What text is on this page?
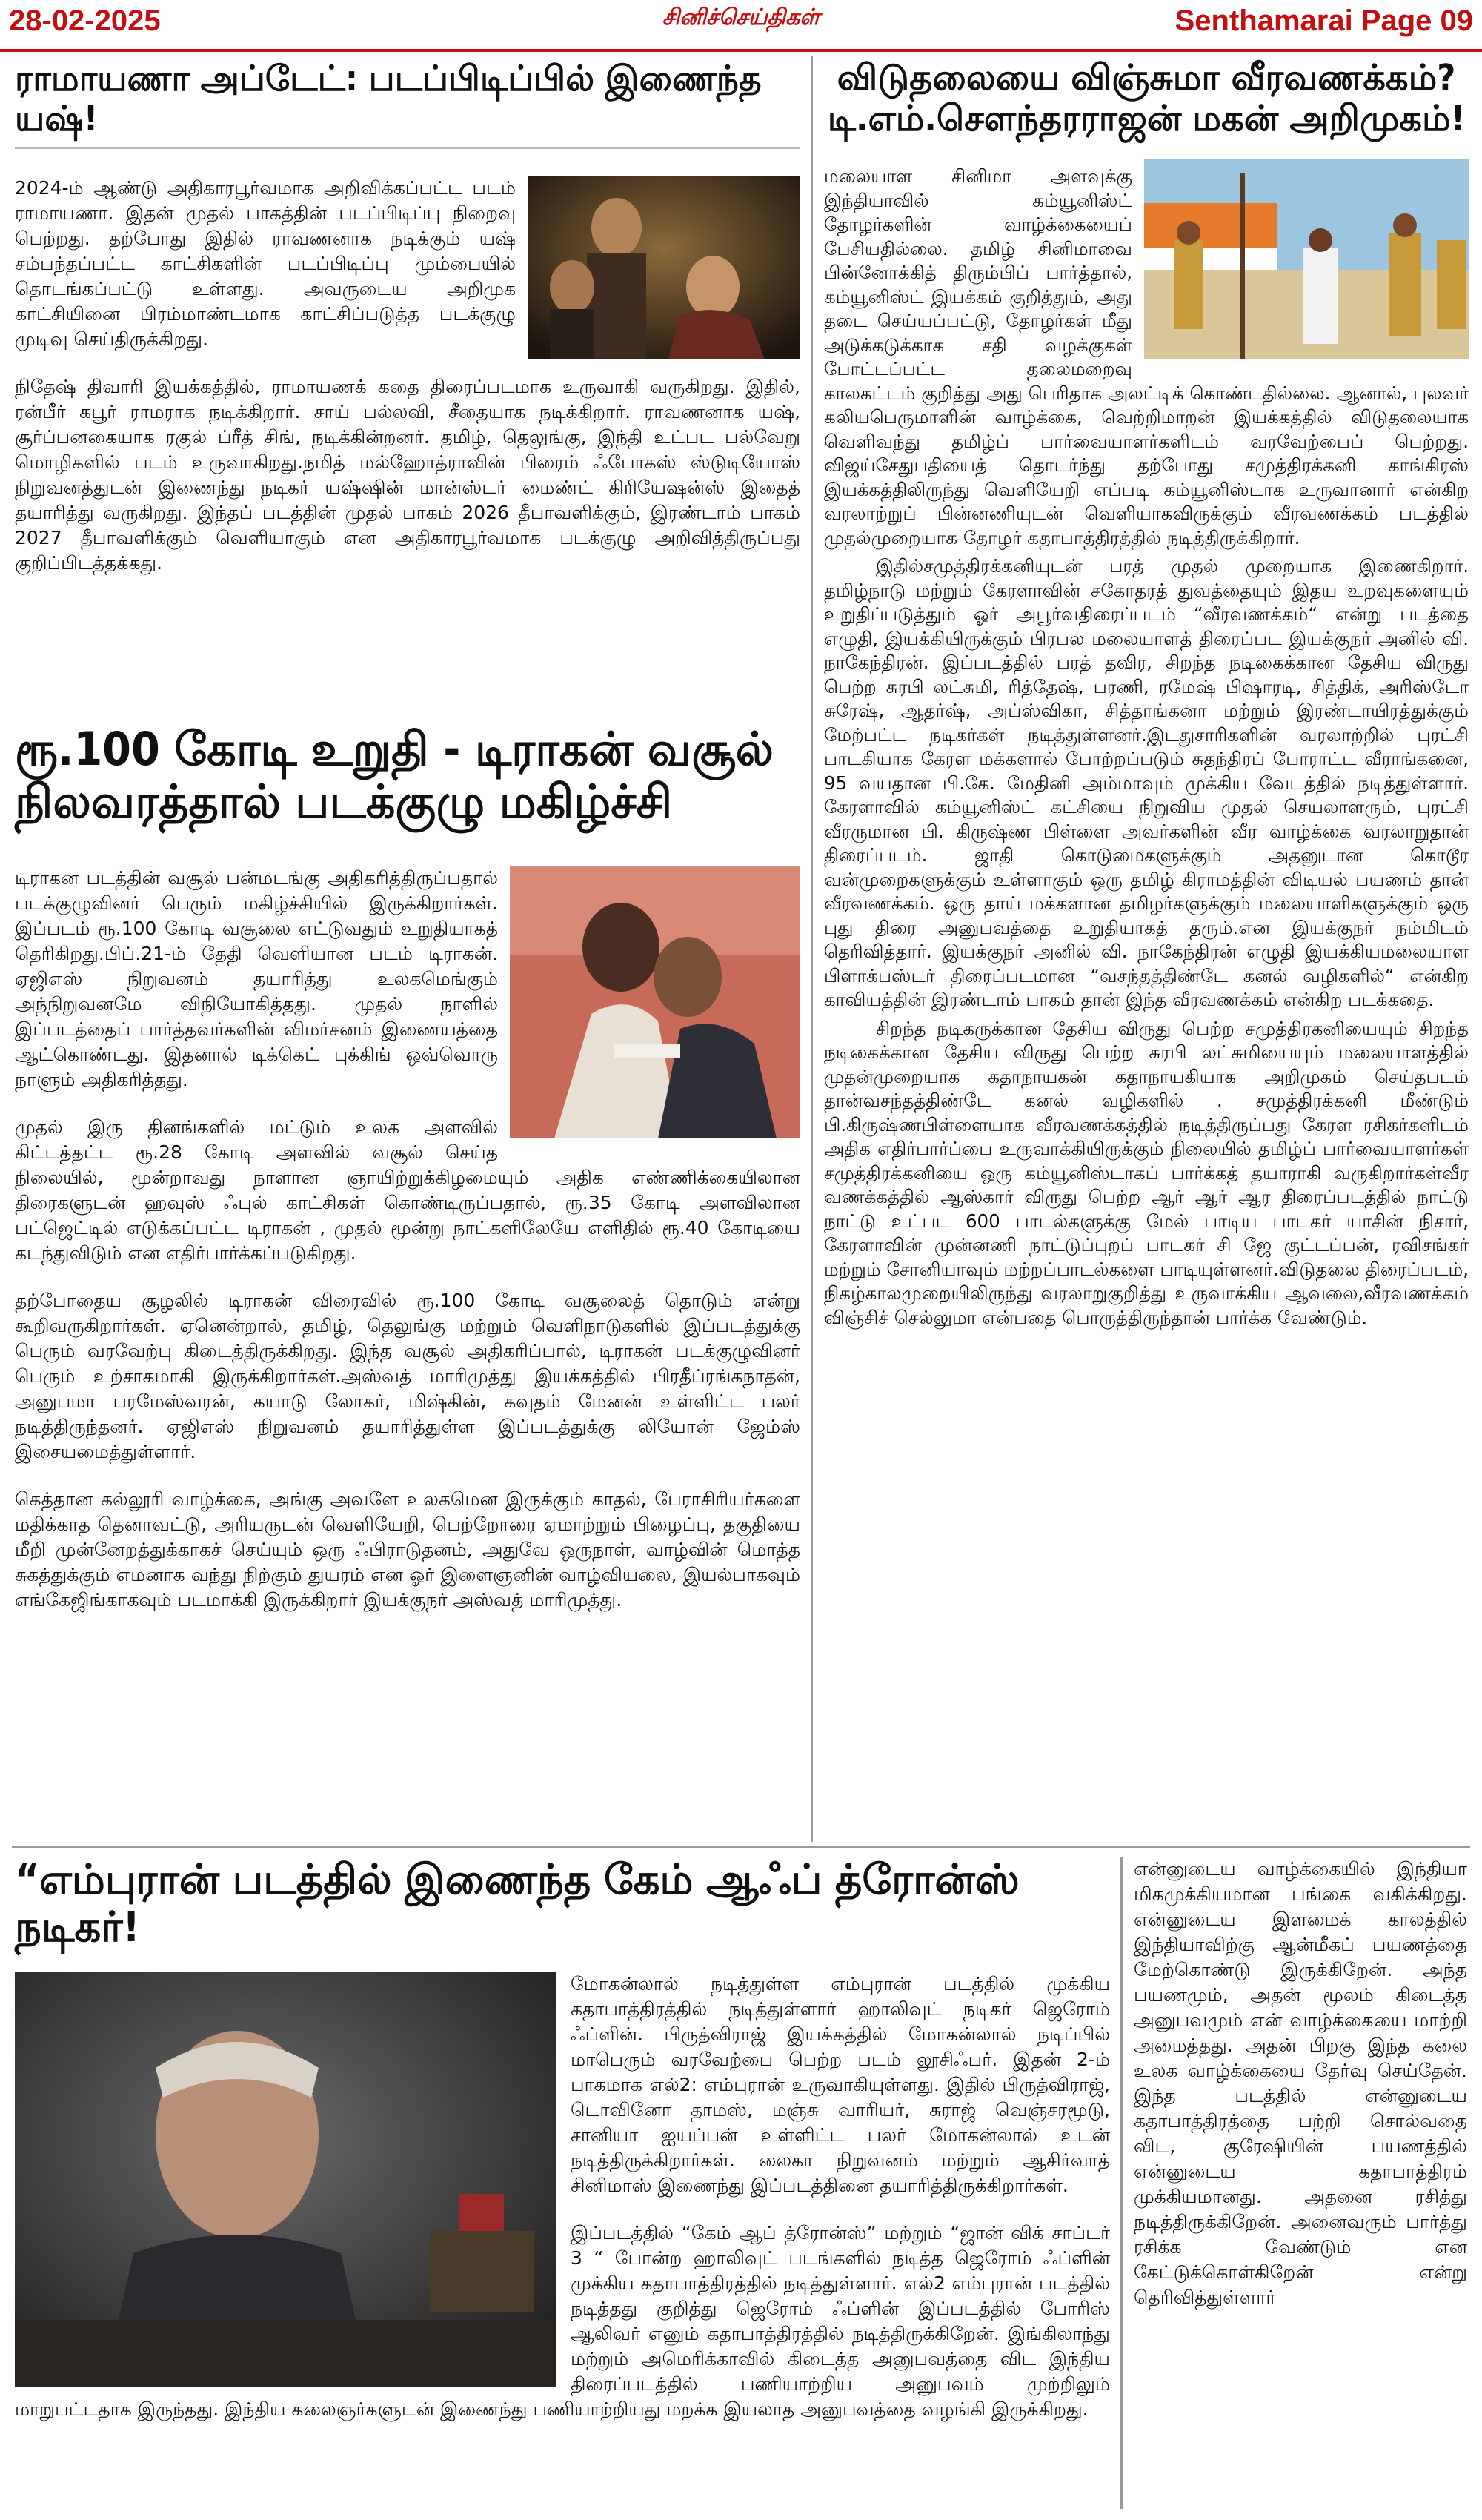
சினிச்செய்திகள்
28-02-2025	Senthamarai Page 09
ராமாயணா அப்டேட்: படப்பிடிப்பில் இணைந்த யஷ்!

2024-ம் ஆண்டு அதிகாரபூர்வமாக அறிவிக்கப்பட்ட படம் ராமாயணா. இதன் முதல் பாகத்தின் படப்பிடிப்பு நிறைவு பெற்றது. தற்போது இதில் ராவணனாக நடிக்கும் யஷ் சம்பந்தப்பட்ட காட்சிகளின் படப்பிடிப்பு மும்பையில் தொடங்கப்பட்டு உள்ளது. அவருடைய அறிமுக காட்சியினை பிரம்மாண்டமாக காட்சிப்படுத்த படக்குழு முடிவு செய்திருக்கிறது.

நிதேஷ் திவாரி இயக்கத்தில், ராமாயணக் கதை திரைப்படமாக உருவாகி வருகிறது. இதில், ரன்பீர் கபூர் ராமராக நடிக்கிறார். சாய் பல்லவி, சீதையாக நடிக்கிறார். ராவணனாக யஷ், சூர்ப்பனகையாக ரகுல் ப்ரீத் சிங், நடிக்கின்றனர். தமிழ், தெலுங்கு, இந்தி உட்பட பல்வேறு மொழிகளில் படம் உருவாகிறது.நமித் மல்ஹோத்ராவின் பிரைம் ஃபோகஸ் ஸ்டுடியோஸ் நிறுவனத்துடன் இணைந்து நடிகர் யஷ்ஷின் மான்ஸ்டர் மைண்ட் கிரியேஷன்ஸ் இதைத் தயாரித்து வருகிறது. இந்தப் படத்தின் முதல் பாகம் 2026 தீபாவளிக்கும், இரண்டாம் பாகம் 2027 தீபாவளிக்கும் வெளியாகும் என அதிகாரபூர்வமாக படக்குழு அறிவித்திருப்பது குறிப்பிடத்தக்கது.

ரூ.100 கோடி உறுதி - டிராகன் வசூல்
நிலவரத்தால் படக்குழு மகிழ்ச்சி

டிராகன படத்தின் வசூல் பன்மடங்கு அதிகரித்திருப்பதால் படக்குழுவினர் பெரும் மகிழ்ச்சியில் இருக்கிறார்கள். இப்படம் ரூ.100 கோடி வசூலை எட்டுவதும் உறுதியாகத் தெரிகிறது.பிப்.21-ம் தேதி வெளியான படம் டிராகன். ஏஜிஎஸ் நிறுவனம் தயாரித்து உலகமெங்கும் அந்நிறுவனமே விநியோகித்தது. முதல் நாளில் இப்படத்தைப் பார்த்தவர்களின் விமர்சனம் இணையத்தை ஆட்கொண்டது. இதனால் டிக்கெட் புக்கிங் ஒவ்வொரு நாளும் அதிகரித்தது.

முதல் இரு தினங்களில் மட்டும் உலக அளவில் கிட்டத்தட்ட ரூ.28 கோடி அளவில் வசூல் செய்த நிலையில், மூன்றாவது நாளான ஞாயிற்றுக்கிழமையும் அதிக எண்ணிக்கையிலான திரைகளுடன் ஹவுஸ் ஃபுல் காட்சிகள் கொண்டிருப்பதால், ரூ.35 கோடி அளவிலான பட்ஜெட்டில் எடுக்கப்பட்ட டிராகன் , முதல் மூன்று நாட்களிலேயே எளிதில் ரூ.40 கோடியை கடந்துவிடும் என எதிர்பார்க்கப்படுகிறது.

தற்போதைய சூழலில் டிராகன் விரைவில் ரூ.100 கோடி வசூலைத் தொடும் என்று கூறிவருகிறார்கள். ஏனென்றால், தமிழ், தெலுங்கு மற்றும் வெளிநாடுகளில் இப்படத்துக்கு பெரும் வரவேற்பு கிடைத்திருக்கிறது. இந்த வசூல் அதிகரிப்பால், டிராகன் படக்குழுவினர் பெரும் உற்சாகமாகி இருக்கிறார்கள்.அஸ்வத் மாரிமுத்து இயக்கத்தில் பிரதீப்ரங்கநாதன், அனுபமா பரமேஸ்வரன், கயாடு லோகர், மிஷ்கின், கவுதம் மேனன் உள்ளிட்ட பலர் நடித்திருந்தனர். ஏஜிஎஸ் நிறுவனம் தயாரித்துள்ள இப்படத்துக்கு லியோன் ஜேம்ஸ் இசையமைத்துள்ளார்.

கெத்தான கல்லூரி வாழ்க்கை, அங்கு அவளே உலகமென இருக்கும் காதல், பேராசிரியர்களை மதிக்காத தெனாவட்டு, அரியருடன் வெளியேறி, பெற்றோரை ஏமாற்றும் பிழைப்பு, தகுதியை மீறி முன்னேறத்துக்காகச் செய்யும் ஒரு ஃபிராடுதனம், அதுவே ஒருநாள், வாழ்வின் மொத்த சுகத்துக்கும் எமனாக வந்து நிற்கும் துயரம் என ஓர் இளைஞனின் வாழ்வியலை, இயல்பாகவும் எங்கேஜிங்காகவும் படமாக்கி இருக்கிறார் இயக்குநர் அஸ்வத் மாரிமுத்து.

விடுதலையை விஞ்சுமா வீரவணக்கம்?
டி.எம்.சௌந்தரராஜன் மகன் அறிமுகம்!

மலையாள சினிமா அளவுக்கு இந்தியாவில் கம்யூனிஸ்ட் தோழர்களின் வாழ்க்கையைப் பேசியதில்லை. தமிழ் சினிமாவை பின்னோக்கித் திரும்பிப் பார்த்தால், கம்யூனிஸ்ட் இயக்கம் குறித்தும், அது தடை செய்யப்பட்டு, தோழர்கள் மீது அடுக்கடுக்காக சதி வழக்குகள் போட்டப்பட்ட தலைமறைவு காலகட்டம் குறித்து அது பெரிதாக அலட்டிக் கொண்டதில்லை. ஆனால், புலவர் கலியபெருமாளின் வாழ்க்கை, வெற்றிமாறன் இயக்கத்தில் விடுதலையாக வெளிவந்து தமிழ்ப் பார்வையாளர்களிடம் வரவேற்பைப் பெற்றது. விஜய்சேதுபதியைத் தொடர்ந்து தற்போது சமுத்திரக்கனி காங்கிரஸ் இயக்கத்திலிருந்து வெளியேறி எப்படி கம்யூனிஸ்டாக உருவானார் என்கிற வரலாற்றுப் பின்னணியுடன் வெளியாகவிருக்கும் வீரவணக்கம் படத்தில் முதல்முறையாக தோழர் கதாபாத்திரத்தில் நடித்திருக்கிறார்.

இதில்சமுத்திரக்கனியுடன் பரத் முதல் முறையாக இணைகிறார். தமிழ்நாடு மற்றும் கேரளாவின் சகோதரத் துவத்தையும் இதய உறவுகளையும் உறுதிப்படுத்தும் ஓர் அபூர்வதிரைப்படம் “வீரவணக்கம்“ என்று படத்தை எழுதி, இயக்கியிருக்கும் பிரபல மலையாளத் திரைப்பட இயக்குநர் அனில் வி. நாகேந்திரன். இப்படத்தில் பரத் தவிர, சிறந்த நடிகைக்கான தேசிய விருது பெற்ற சுரபி லட்சுமி, ரித்தேஷ், பரணி, ரமேஷ் பிஷாரடி, சித்திக், அரிஸ்டோ சுரேஷ், ஆதர்ஷ், அப்ஸ்விகா, சித்தாங்கனா மற்றும் இரண்டாயிரத்துக்கும் மேற்பட்ட நடிகர்கள் நடித்துள்ளனர்.இடதுசாரிகளின் வரலாற்றில் புரட்சி பாடகியாக கேரள மக்களால் போற்றப்படும் சுதந்திரப் போராட்ட வீராங்கனை, 95 வயதான பி.கே. மேதினி அம்மாவும் முக்கிய வேடத்தில் நடித்துள்ளார். கேரளாவில் கம்யூனிஸ்ட் கட்சியை நிறுவிய முதல் செயலாளரும், புரட்சி வீரருமான பி. கிருஷ்ண பிள்ளை அவர்களின் வீர வாழ்க்கை வரலாறுதான் திரைப்படம். ஜாதி கொடுமைகளுக்கும் அதனுடான கொடூர வன்முறைகளுக்கும் உள்ளாகும் ஒரு தமிழ் கிராமத்தின் விடியல் பயணம் தான் வீரவணக்கம். ஒரு தாய் மக்களான தமிழர்களுக்கும் மலையாளிகளுக்கும் ஒரு புது திரை அனுபவத்தை உறுதியாகத் தரும்.என இயக்குநர் நம்மிடம் தெரிவித்தார். இயக்குநர் அனில் வி. நாகேந்திரன் எழுதி இயக்கியமலையாள பிளாக்பஸ்டர் திரைப்படமான “வசந்தத்திண்டே கனல் வழிகளில்“ என்கிற காவியத்தின் இரண்டாம் பாகம் தான் இந்த வீரவணக்கம் என்கிற படக்கதை.

சிறந்த நடிகருக்கான தேசிய விருது பெற்ற சமுத்திரகனியையும் சிறந்த நடிகைக்கான தேசிய விருது பெற்ற சுரபி லட்சுமியையும் மலையாளத்தில் முதன்முறையாக கதாநாயகன் கதாநாயகியாக அறிமுகம் செய்தபடம் தான்வசந்தத்திண்டே கனல் வழிகளில் . சமுத்திரக்கனி மீண்டும் பி.கிருஷ்ணபிள்ளையாக வீரவணக்கத்தில் நடித்திருப்பது கேரள ரசிகர்களிடம் அதிக எதிர்பார்ப்பை உருவாக்கியிருக்கும் நிலையில் தமிழ்ப் பார்வையாளர்கள் சமுத்திரக்கனியை ஒரு கம்யூனிஸ்டாகப் பார்க்கத் தயாராகி வருகிறார்கள்வீர வணக்கத்தில் ஆஸ்கார் விருது பெற்ற ஆர் ஆர் ஆர திரைப்படத்தில் நாட்டு நாட்டு உட்பட 600 பாடல்களுக்கு மேல் பாடிய பாடகர் யாசின் நிசார், கேரளாவின் முன்னணி நாட்டுப்புறப் பாடகர் சி ஜே குட்டப்பன், ரவிசங்கர் மற்றும் சோனியாவும் மற்றப்பாடல்களை பாடியுள்ளனர்.விடுதலை திரைப்படம், நிகழ்காலமுறையிலிருந்து வரலாறுகுறித்து உருவாக்கிய ஆவலை,வீரவணக்கம் விஞ்சிச் செல்லுமா என்பதை பொருத்திருந்தான் பார்க்க வேண்டும்.

“எம்புரான் படத்தில் இணைந்த கேம் ஆஃப் த்ரோன்ஸ் நடிகர்!

மோகன்லால் நடித்துள்ள எம்புரான் படத்தில் முக்கிய கதாபாத்திரத்தில் நடித்துள்ளார் ஹாலிவுட் நடிகர் ஜெரோம் ஃப்ளின். பிருத்விராஜ் இயக்கத்தில் மோகன்லால் நடிப்பில் மாபெரும் வரவேற்பை பெற்ற படம் லூசிஃபர். இதன் 2-ம் பாகமாக எல்2: எம்புரான் உருவாகியுள்ளது. இதில் பிருத்விராஜ், டொவினோ தாமஸ், மஞ்சு வாரியர், சுராஜ் வெஞ்சரமூடு, சானியா ஐயப்பன் உள்ளிட்ட பலர் மோகன்லால் உடன் நடித்திருக்கிறார்கள். லைகா நிறுவனம் மற்றும் ஆசிர்வாத் சினிமாஸ் இணைந்து இப்படத்தினை தயாரித்திருக்கிறார்கள்.

இப்படத்தில் “கேம் ஆப் த்ரோன்ஸ்” மற்றும் “ஜான் விக் சாப்டர் 3 “ போன்ற ஹாலிவுட் படங்களில் நடித்த ஜெரோம் ஃப்ளின் முக்கிய கதாபாத்திரத்தில் நடித்துள்ளார். எல்2 எம்புரான் படத்தில் நடித்தது குறித்து ஜெரோம் ஃப்ளின் இப்படத்தில் போரிஸ் ஆலிவர் எனும் கதாபாத்திரத்தில் நடித்திருக்கிறேன். இங்கிலாந்து மற்றும் அமெரிக்காவில் கிடைத்த அனுபவத்தை விட இந்திய திரைப்படத்தில் பணியாற்றிய அனுபவம் முற்றிலும் மாறுபட்டதாக இருந்தது. இந்திய கலைஞர்களுடன் இணைந்து பணியாற்றியது மறக்க இயலாத அனுபவத்தை வழங்கி இருக்கிறது.

என்னுடைய வாழ்க்கையில் இந்தியா மிகமுக்கியமான பங்கை வகிக்கிறது. என்னுடைய இளமைக் காலத்தில் இந்தியாவிற்கு ஆன்மீகப் பயணத்தை மேற்கொண்டு இருக்கிறேன். அந்த பயணமும், அதன் மூலம் கிடைத்த அனுபவமும் என் வாழ்க்கையை மாற்றி அமைத்தது. அதன் பிறகு இந்த கலை உலக வாழ்க்கையை தேர்வு செய்தேன். இந்த படத்தில் என்னுடைய கதாபாத்திரத்தை பற்றி சொல்வதை விட, குரேஷியின் பயணத்தில் என்னுடைய கதாபாத்திரம் முக்கியமானது. அதனை ரசித்து நடித்திருக்கிறேன். அனைவரும் பார்த்து ரசிக்க வேண்டும் என கேட்டுக்கொள்கிறேன் என்று தெரிவித்துள்ளார்
